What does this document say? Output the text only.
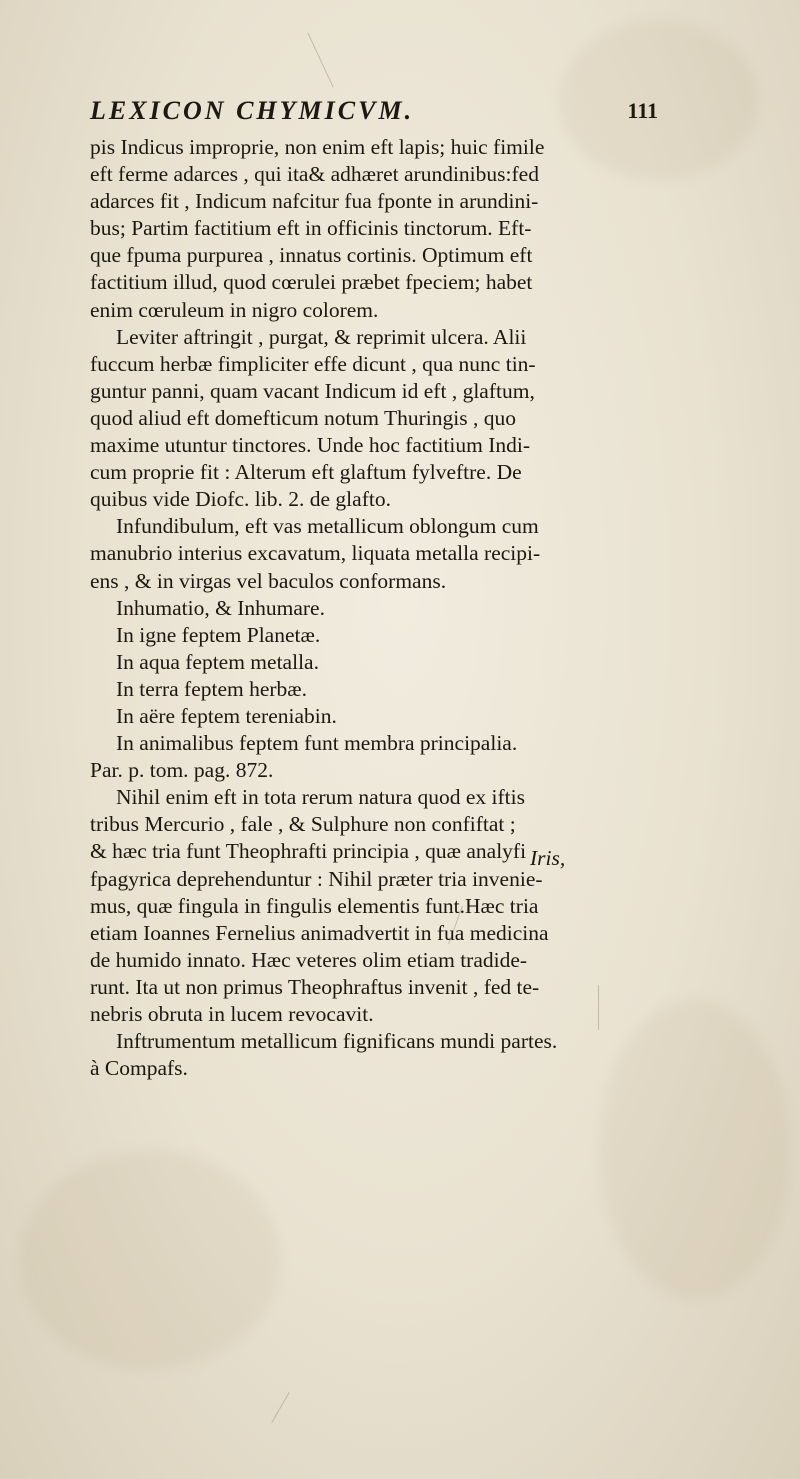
LEXICON CHYMICVM.	111
pis Indicus improprie, non enim eft lapis; huic fimile
eft ferme adarces , qui ita& adhæret arundinibus:fed
adarces fit , Indicum nafcitur fua fponte in arundini-
bus; Partim factitium eft in officinis tinctorum. Eft-
que fpuma purpurea , innatus cortinis. Optimum eft
factitium illud, quod cœrulei præbet fpeciem; habet
enim cœruleum in nigro colorem.
Leviter aftringit , purgat, & reprimit ulcera. Alii
fuccum herbæ fimpliciter effe dicunt , qua nunc tin-
guntur panni, quam vacant Indicum id eft , glaftum,
quod aliud eft domefticum notum Thuringis , quo
maxime utuntur tinctores. Unde hoc factitium Indi-
cum proprie fit : Alterum eft glaftum fylveftre. De
quibus vide Diofc. lib. 2. de glafto.
Infundibulum, eft vas metallicum oblongum cum
manubrio interius excavatum, liquata metalla recipi-
ens , & in virgas vel baculos conformans.
Inhumatio, & Inhumare.
In igne feptem Planetæ.
In aqua feptem metalla.
In terra feptem herbæ.
In aëre feptem tereniabin.
In animalibus feptem funt membra principalia.
Par. p. tom. pag. 872.
Nihil enim eft in tota rerum natura quod ex iftis
tribus Mercurio , fale , & Sulphure non confiftat ;
& hæc tria funt Theophrafti principia , quæ analyfi
fpagyrica deprehenduntur : Nihil præter tria invenie-
mus, quæ fingula in fingulis elementis funt.Hæc tria
etiam Ioannes Fernelius animadvertit in fua medicina
de humido innato. Hæc veteres olim etiam tradide-
runt. Ita ut non primus Theophraftus invenit , fed te-
nebris obruta in lucem revocavit.
Inftrumentum metallicum fignificans mundi partes.
à Compafs.
Iris,
